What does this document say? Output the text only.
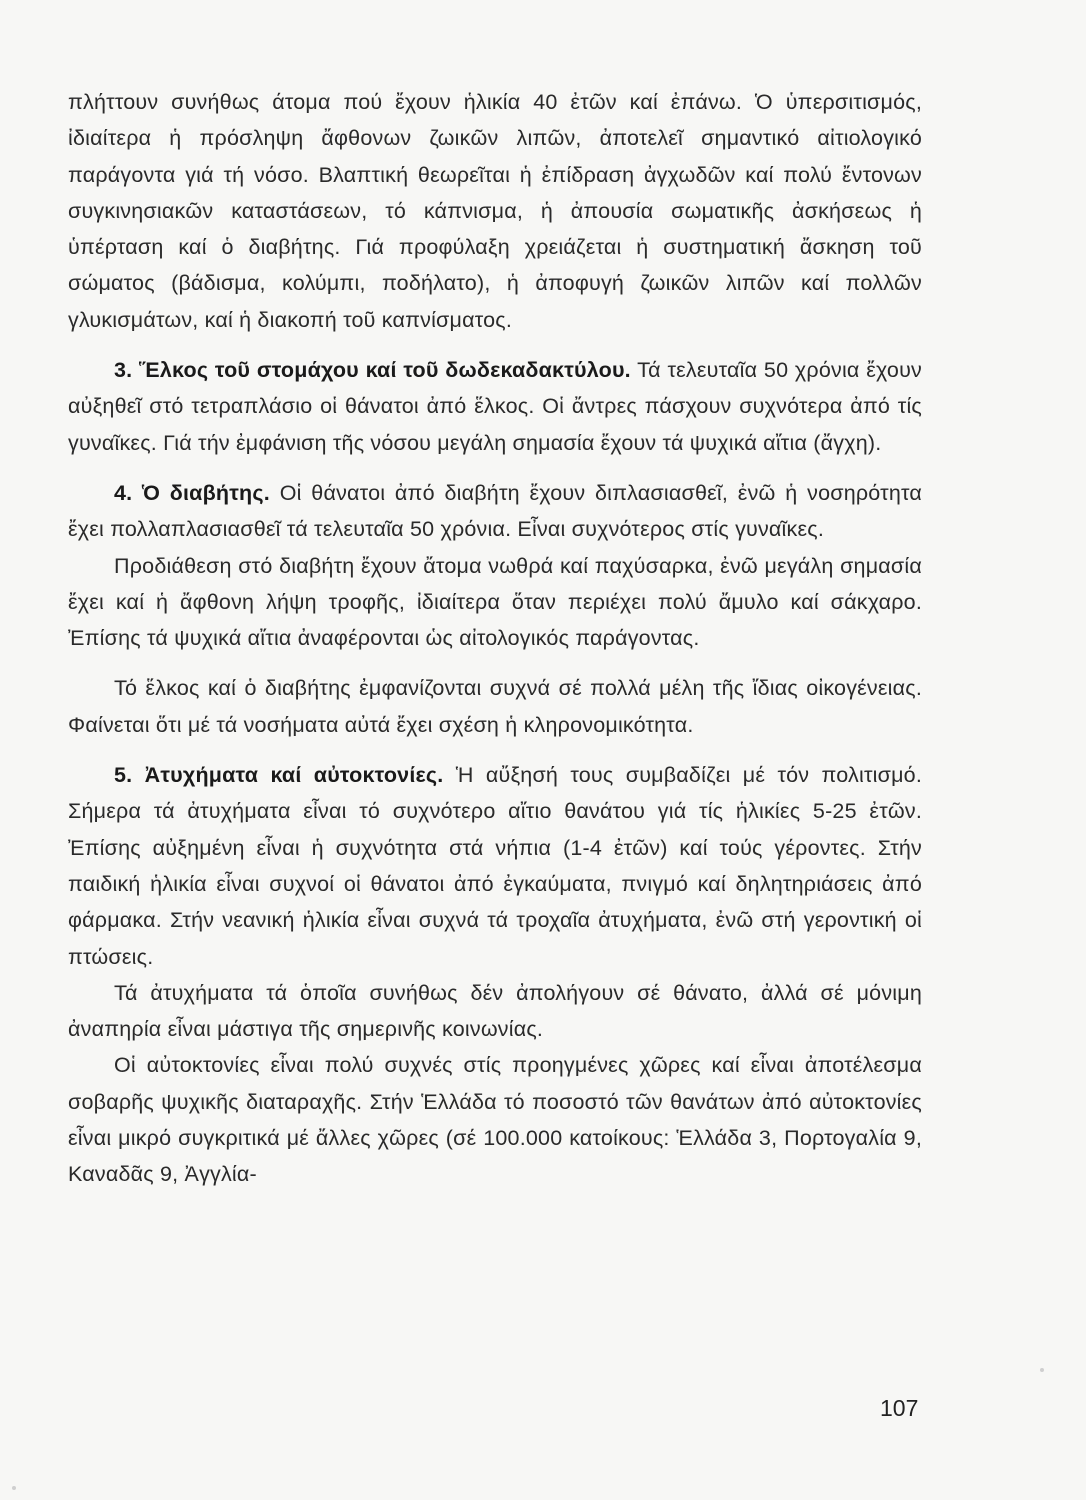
πλήττουν συνήθως άτομα πού ἔχουν ἡλικία 40 ἐτῶν καί ἐπάνω. Ὁ ὑπερσιτισμός, ἰδιαίτερα ἡ πρόσληψη ἄφθονων ζωικῶν λιπῶν, ἀποτελεῖ σημαντικό αἰτιολογικό παράγοντα γιά τή νόσο. Βλαπτική θεωρεῖται ἡ ἐπίδραση ἀγχωδῶν καί πολύ ἔντονων συγκινησιακῶν καταστάσεων, τό κάπνισμα, ἡ ἀπουσία σωματικῆς ἀσκήσεως ἡ ὑπέρταση καί ὁ διαβήτης. Γιά προφύλαξη χρειάζεται ἡ συστηματική ἄσκηση τοῦ σώματος (βάδισμα, κολύμπι, ποδήλατο), ἡ ἀποφυγή ζωικῶν λιπῶν καί πολλῶν γλυκισμάτων, καί ἡ διακοπή τοῦ καπνίσματος.

3. Ἕλκος τοῦ στομάχου καί τοῦ δωδεκαδακτύλου. Τά τελευταῖα 50 χρόνια ἔχουν αὐξηθεῖ στό τετραπλάσιο οἱ θάνατοι ἀπό ἕλκος. Οἱ ἄντρες πάσχουν συχνότερα ἀπό τίς γυναῖκες. Γιά τήν ἐμφάνιση τῆς νόσου μεγάλη σημασία ἔχουν τά ψυχικά αἴτια (ἄγχη).

4. Ὁ διαβήτης. Οἱ θάνατοι ἀπό διαβήτη ἔχουν διπλασιασθεῖ, ἐνῶ ἡ νοσηρότητα ἔχει πολλαπλασιασθεῖ τά τελευταῖα 50 χρόνια. Εἶναι συχνότερος στίς γυναῖκες.

Προδιάθεση στό διαβήτη ἔχουν ἄτομα νωθρά καί παχύσαρκα, ἐνῶ μεγάλη σημασία ἔχει καί ἡ ἄφθονη λήψη τροφῆς, ἰδιαίτερα ὅταν περιέχει πολύ ἄμυλο καί σάκχαρο. Ἐπίσης τά ψυχικά αἴτια ἀναφέρονται ὡς αἰτολογικός παράγοντας.

Τό ἕλκος καί ὁ διαβήτης ἐμφανίζονται συχνά σέ πολλά μέλη τῆς ἴδιας οἰκογένειας. Φαίνεται ὅτι μέ τά νοσήματα αὐτά ἔχει σχέση ἡ κληρονομικότητα.

5. Ἀτυχήματα καί αὐτοκτονίες. Ἡ αὔξησή τους συμβαδίζει μέ τόν πολιτισμό. Σήμερα τά ἀτυχήματα εἶναι τό συχνότερο αἴτιο θανάτου γιά τίς ἡλικίες 5-25 ἐτῶν. Ἐπίσης αὐξημένη εἶναι ἡ συχνότητα στά νήπια (1-4 ἐτῶν) καί τούς γέροντες. Στήν παιδική ἡλικία εἶναι συχνοί οἱ θάνατοι ἀπό ἐγκαύματα, πνιγμό καί δηλητηριάσεις ἀπό φάρμακα. Στήν νεανική ἡλικία εἶναι συχνά τά τροχαῖα ἀτυχήματα, ἐνῶ στή γεροντική οἱ πτώσεις.

Τά ἀτυχήματα τά ὁποῖα συνήθως δέν ἀπολήγουν σέ θάνατο, ἀλλά σέ μόνιμη ἀναπηρία εἶναι μάστιγα τῆς σημερινῆς κοινωνίας.

Οἱ αὐτοκτονίες εἶναι πολύ συχνές στίς προηγμένες χῶρες καί εἶναι ἀποτέλεσμα σοβαρῆς ψυχικῆς διαταραχῆς. Στήν Ἑλλάδα τό ποσοστό τῶν θανάτων ἀπό αὐτοκτονίες εἶναι μικρό συγκριτικά μέ ἄλλες χῶρες (σέ 100.000 κατοίκους: Ἑλλάδα 3, Πορτογαλία 9, Καναδᾶς 9, Ἀγγλία-

107
